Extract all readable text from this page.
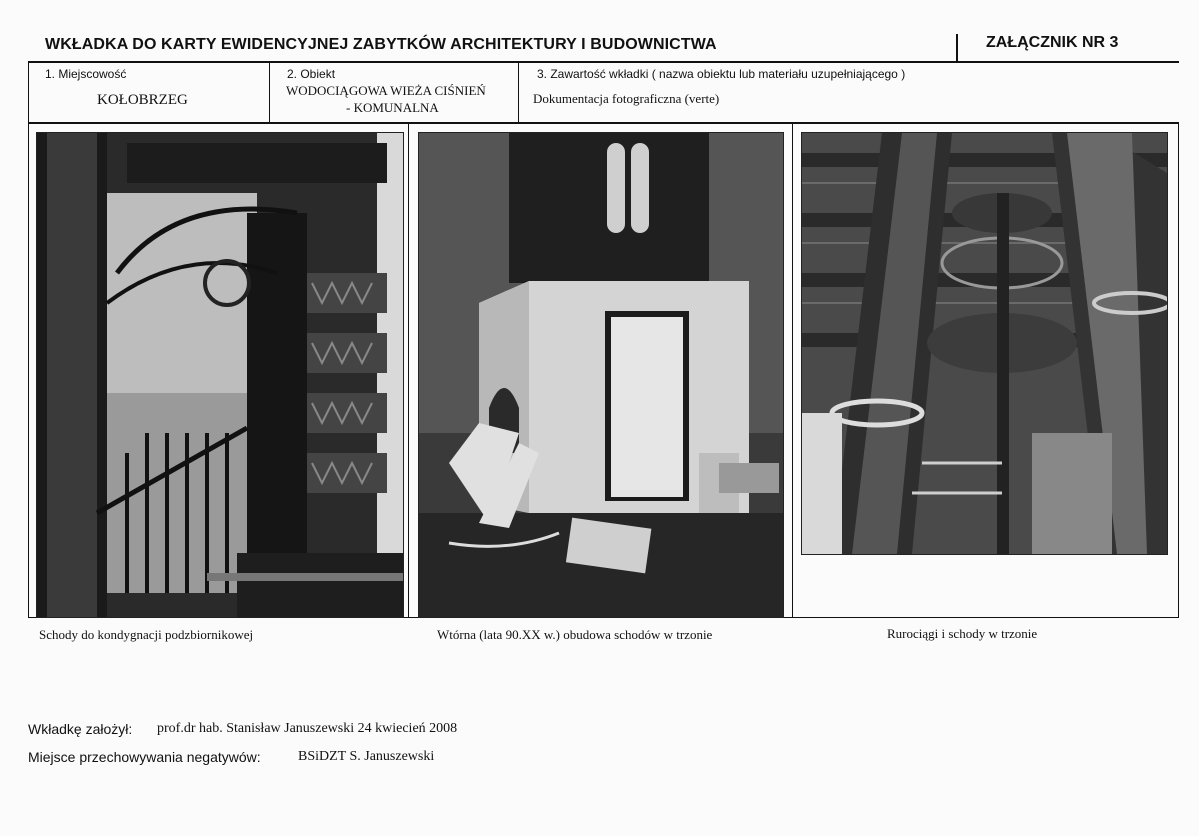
WKŁADKA DO KARTY EWIDENCYJNEJ ZABYTKÓW ARCHITEKTURY I BUDOWNICTWA	ZAŁĄCZNIK NR 3
1. Miejscowość
KOŁOBRZEG
2. Obiekt
WODOCIĄGOWA WIEŻA CIŚNIEŃ
- KOMUNALNA
3. Zawartość wkładki ( nazwa obiektu lub materiału uzupełniającego )
Dokumentacja fotograficzna (verte)
Schody do kondygnacji podzbiornikowej	Wtórna (lata 90.XX w.) obudowa schodów w trzonie	Rurociągi i schody w trzonie
Wkładkę założył: prof.dr hab. Stanisław Januszewski 24 kwiecień 2008
Miejsce przechowywania negatywów:	BSiDZT S. Januszewski
